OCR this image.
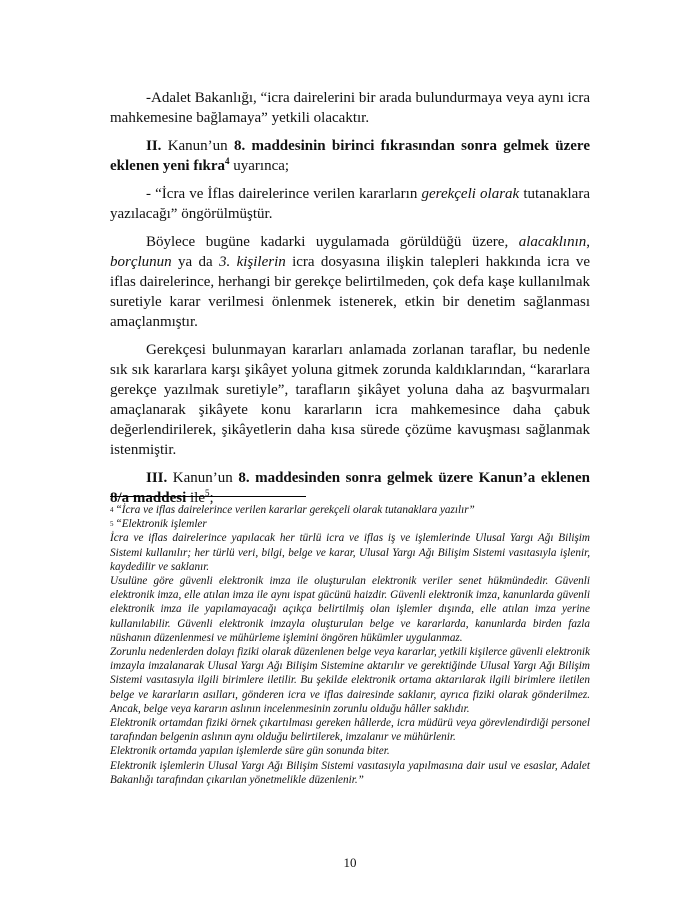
-Adalet Bakanlığı, “icra dairelerini bir arada bulundurmaya veya aynı icra mahkemesine bağlamaya” yetkili olacaktır.

II. Kanun’un 8. maddesinin birinci fıkrasından sonra gelmek üzere eklenen yeni fıkra$^4$ uyarınca;

- “İcra ve İflas dairelerince verilen kararların gerekçeli olarak tutanaklara yazılacağı” öngörülmüştür.

Böylece bugüne kadarki uygulamada görüldüğü üzere, alacaklının, borçlunun ya da 3. kişilerin icra dosyasına ilişkin talepleri hakkında icra ve iflas dairelerince, herhangi bir gerekçe belirtilmeden, çok defa kaşe kullanılmak suretiyle karar verilmesi önlenmek istenerek, etkin bir denetim sağlanması amaçlanmıştır.

Gerekçesi bulunmayan kararları anlamada zorlanan taraflar, bu nedenle sık sık kararlara karşı şikâyet yoluna gitmek zorunda kaldıklarından, “kararlara gerekçe yazılmak suretiyle”, tarafların şikâyet yoluna daha az başvurmaları amaçlanarak şikâyete konu kararların icra mahkemesince daha çabuk değerlendirilerek, şikâyetlerin daha kısa sürede çözüme kavuşması sağlanmak istenmiştir.

III. Kanun’un 8. maddesinden sonra gelmek üzere Kanun’a eklenen 8/a maddesi ile$^5$;

$^4$ “İcra ve iflas dairelerince verilen kararlar gerekçeli olarak tutanaklara yazılır”

$^5$ “Elektronik işlemler

İcra ve iflas dairelerince yapılacak her türlü icra ve iflas iş ve işlemlerinde Ulusal Yargı Ağı Bilişim Sistemi kullanılır; her türlü veri, bilgi, belge ve karar, Ulusal Yargı Ağı Bilişim Sistemi vasıtasıyla işlenir, kaydedilir ve saklanır.

Usulüne göre güvenli elektronik imza ile oluşturulan elektronik veriler senet hükmündedir. Güvenli elektronik imza, elle atılan imza ile aynı ispat gücünü haizdir. Güvenli elektronik imza, kanunlarda güvenli elektronik imza ile yapılamayacağı açıkça belirtilmiş olan işlemler dışında, elle atılan imza yerine kullanılabilir. Güvenli elektronik imzayla oluşturulan belge ve kararlarda, kanunlarda birden fazla nüshanın düzenlenmesi ve mühürleme işlemini öngören hükümler uygulanmaz.

Zorunlu nedenlerden dolayı fiziki olarak düzenlenen belge veya kararlar, yetkili kişilerce güvenli elektronik imzayla imzalanarak Ulusal Yargı Ağı Bilişim Sistemine aktarılır ve gerektiğinde Ulusal Yargı Ağı Bilişim Sistemi vasıtasıyla ilgili birimlere iletilir. Bu şekilde elektronik ortama aktarılarak ilgili birimlere iletilen belge ve kararların asılları, gönderen icra ve iflas dairesinde saklanır, ayrıca fiziki olarak gönderilmez. Ancak, belge veya kararın aslının incelenmesinin zorunlu olduğu hâller saklıdır.

Elektronik ortamdan fiziki örnek çıkartılması gereken hâllerde, icra müdürü veya görevlendirdiği personel tarafından belgenin aslının aynı olduğu belirtilerek, imzalanır ve mühürlenir.

Elektronik ortamda yapılan işlemlerde süre gün sonunda biter.

Elektronik işlemlerin Ulusal Yargı Ağı Bilişim Sistemi vasıtasıyla yapılmasına dair usul ve esaslar, Adalet Bakanlığı tarafından çıkarılan yönetmelikle düzenlenir.”

10
